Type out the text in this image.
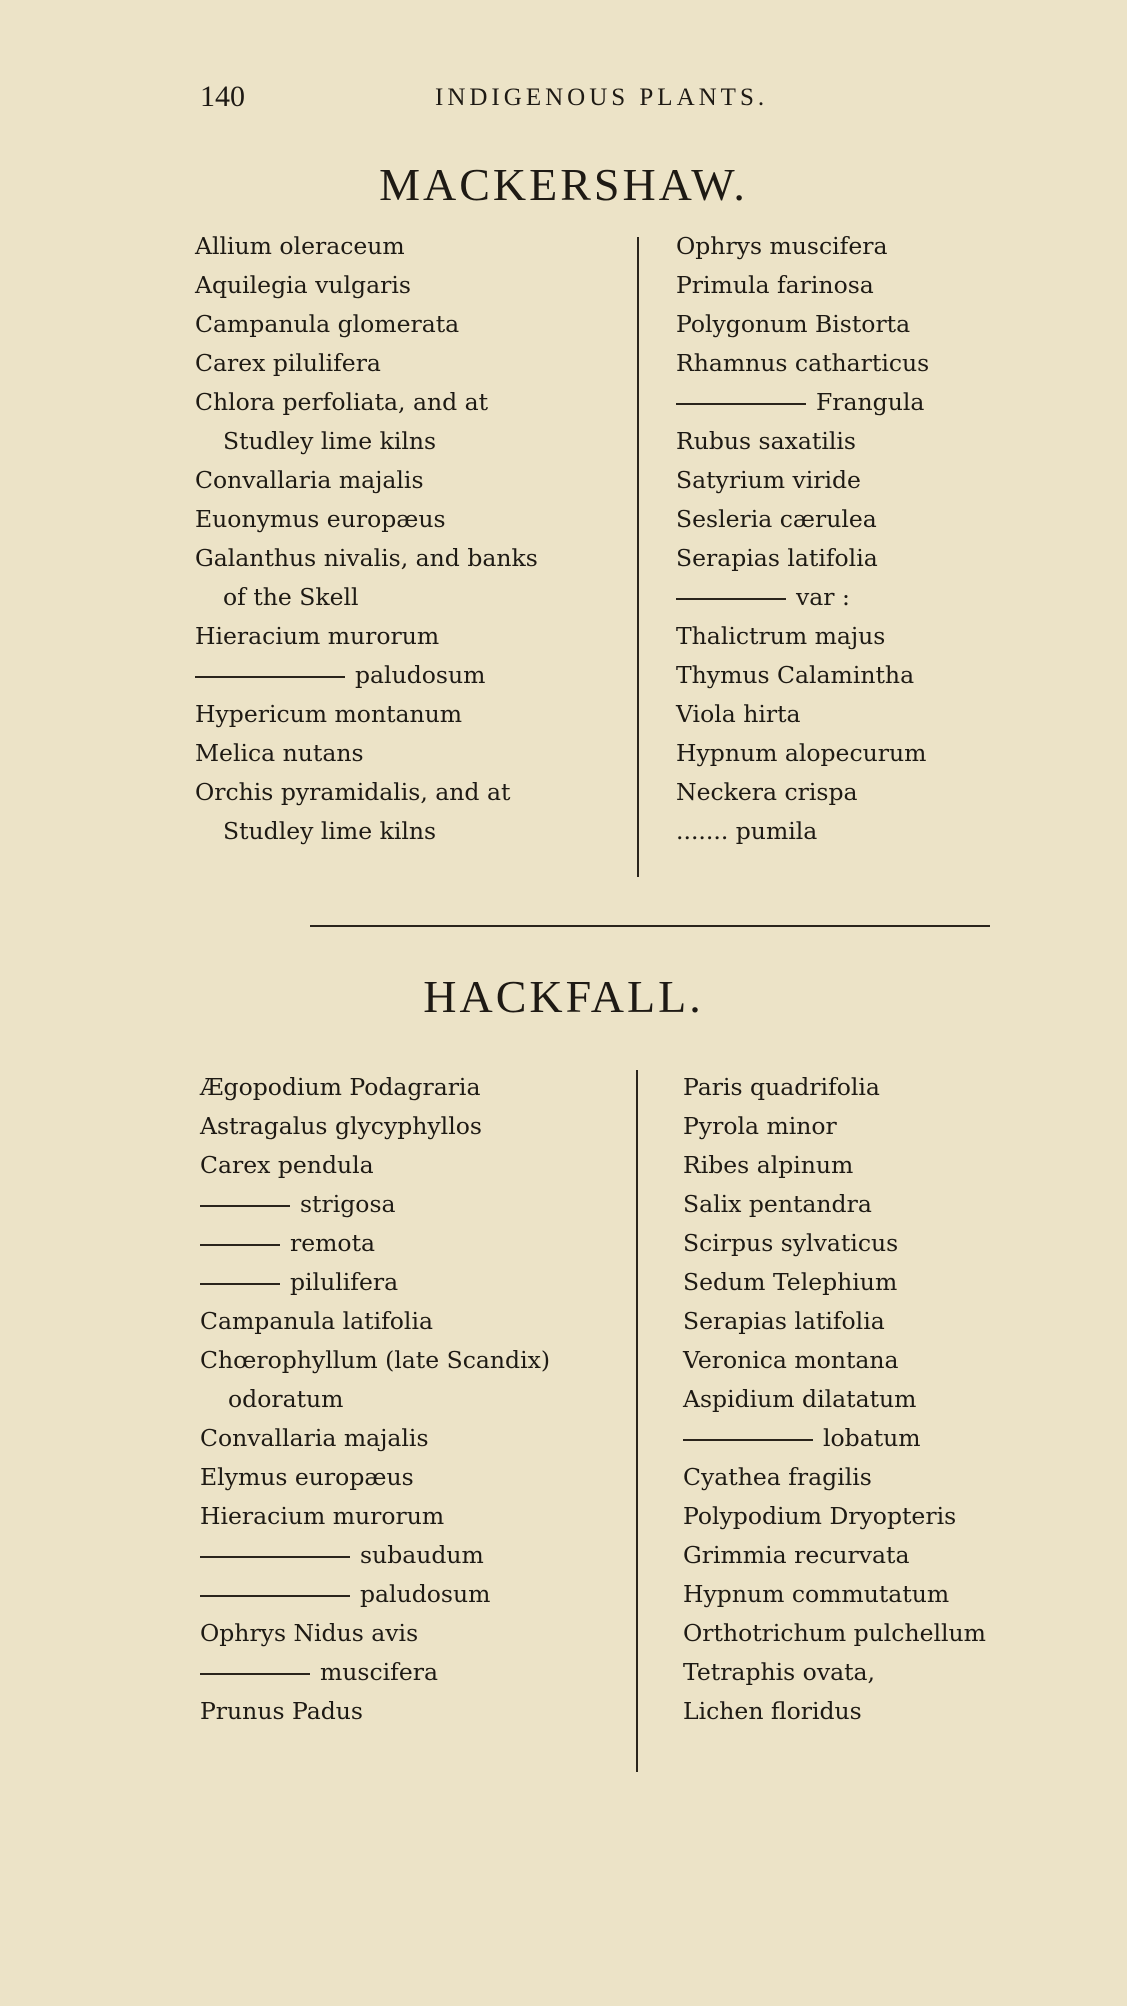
140	INDIGENOUS PLANTS.
MACKERSHAW.
Allium oleraceum
Aquilegia vulgaris
Campanula glomerata
Carex pilulifera
Chlora perfoliata, and at
Studley lime kilns
Convallaria majalis
Euonymus europæus
Galanthus nivalis, and banks
of the Skell
Hieracium murorum
paludosum
Hypericum montanum
Melica nutans
Orchis pyramidalis, and at
Studley lime kilns
Ophrys muscifera
Primula farinosa
Polygonum Bistorta
Rhamnus catharticus
Frangula
Rubus saxatilis
Satyrium viride
Sesleria cærulea
Serapias latifolia
var :
Thalictrum majus
Thymus Calamintha
Viola hirta
Hypnum alopecurum
Neckera crispa
....... pumila
HACKFALL.
Ægopodium Podagraria
Astragalus glycyphyllos
Carex pendula
strigosa
remota
pilulifera
Campanula latifolia
Chœrophyllum (late Scandix)
odoratum
Convallaria majalis
Elymus europæus
Hieracium murorum
subaudum
paludosum
Ophrys Nidus avis
muscifera
Prunus Padus
Paris quadrifolia
Pyrola minor
Ribes alpinum
Salix pentandra
Scirpus sylvaticus
Sedum Telephium
Serapias latifolia
Veronica montana
Aspidium dilatatum
lobatum
Cyathea fragilis
Polypodium Dryopteris
Grimmia recurvata
Hypnum commutatum
Orthotrichum pulchellum
Tetraphis ovata,
Lichen floridus
